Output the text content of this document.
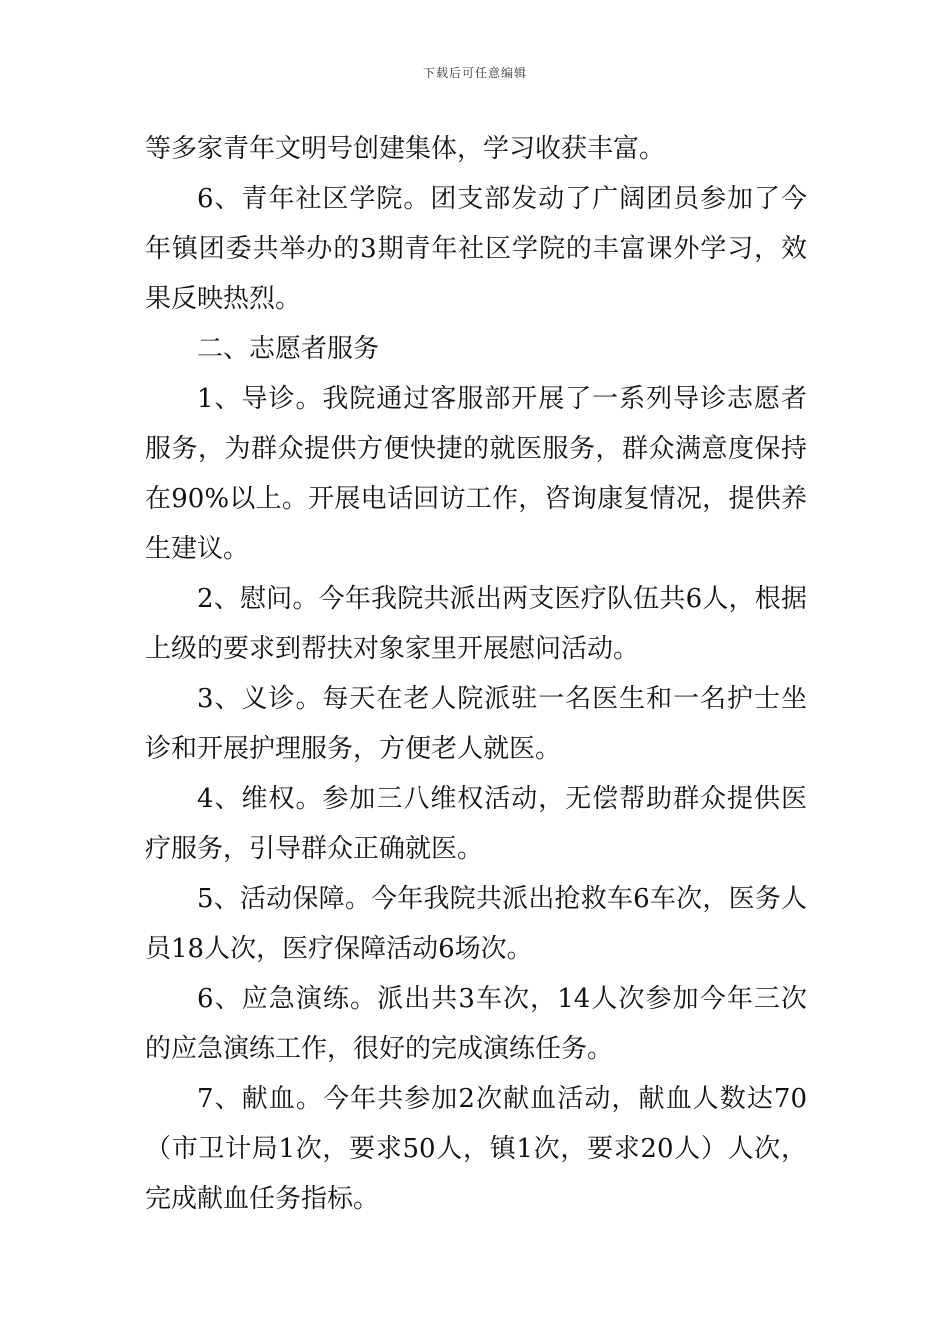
下载后可任意编辑

等多家青年文明号创建集体，学习收获丰富。

6、青年社区学院。团支部发动了广阔团员参加了今年镇团委共举办的3期青年社区学院的丰富课外学习，效果反映热烈。

二、志愿者服务

1、导诊。我院通过客服部开展了一系列导诊志愿者服务，为群众提供方便快捷的就医服务，群众满意度保持在90%以上。开展电话回访工作，咨询康复情况，提供养生建议。

2、慰问。今年我院共派出两支医疗队伍共6人，根据上级的要求到帮扶对象家里开展慰问活动。

3、义诊。每天在老人院派驻一名医生和一名护士坐诊和开展护理服务，方便老人就医。

4、维权。参加三八维权活动，无偿帮助群众提供医疗服务，引导群众正确就医。

5、活动保障。今年我院共派出抢救车6车次，医务人员18人次，医疗保障活动6场次。

6、应急演练。派出共3车次，14人次参加今年三次的应急演练工作，很好的完成演练任务。

7、献血。今年共参加2次献血活动，献血人数达70（市卫计局1次，要求50人，镇1次，要求20人）人次，完成献血任务指标。
